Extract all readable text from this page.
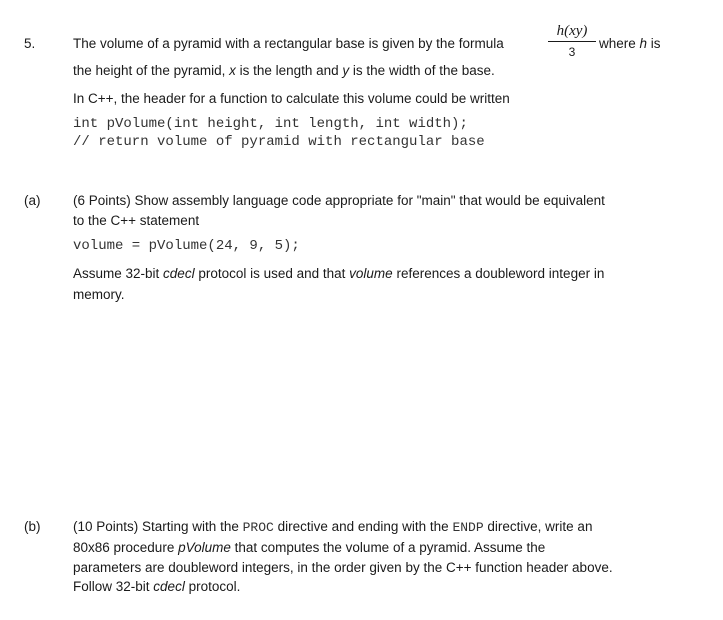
5.	The volume of a pyramid with a rectangular base is given by the formula
h(xy)
3
where h is
the height of the pyramid, x is the length and y is the width of the base.
In C++, the header for a function to calculate this volume could be written
int pVolume(int height, int length, int width);
// return volume of pyramid with rectangular base
(a) (6 Points) Show assembly language code appropriate for "main" that would be equivalent
to the C++ statement
volume = pVolume(24, 9, 5);
Assume 32-bit cdecl protocol is used and that volume references a doubleword integer in
memory.
(b) (10 Points) Starting with the PROC directive and ending with the ENDP directive, write an
80x86 procedure pVolume that computes the volume of a pyramid. Assume the
parameters are doubleword integers, in the order given by the C++ function header above.
Follow 32-bit cdecl protocol.
